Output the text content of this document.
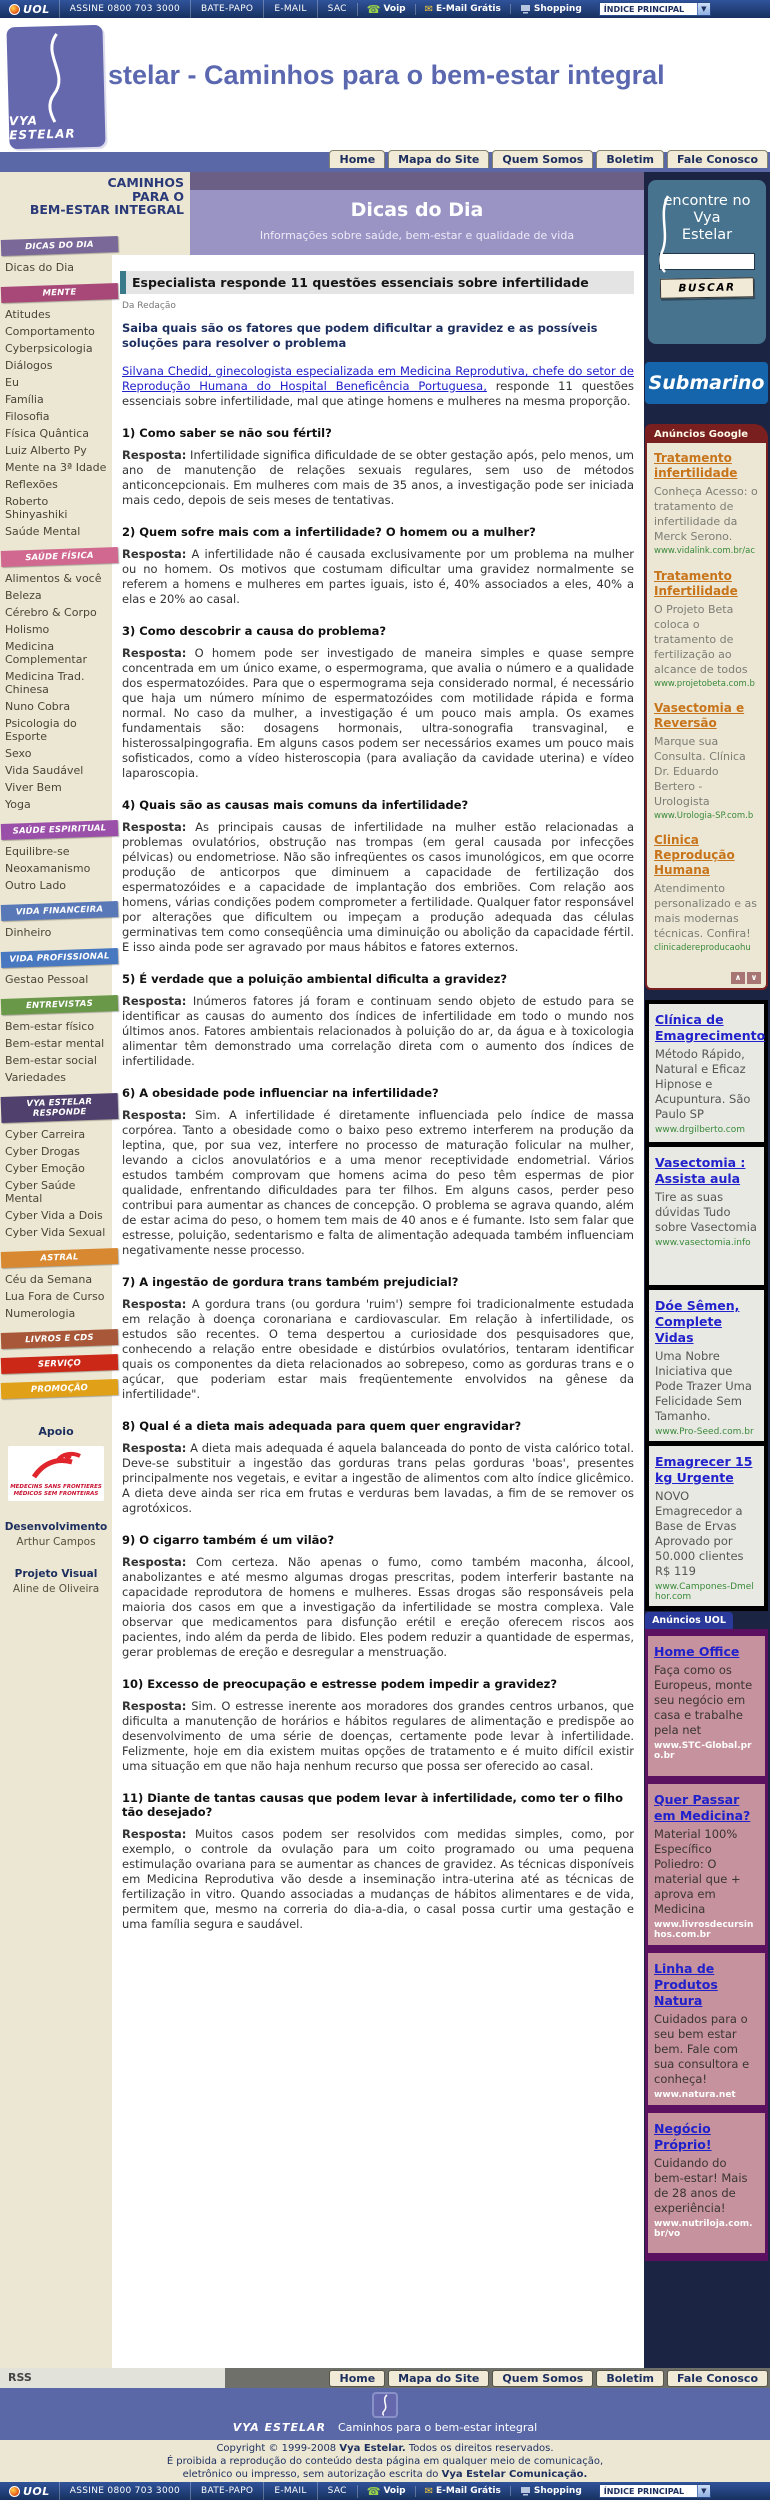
UOL	ASSINE 0800 703 3000	BATE-PAPO	E-MAIL	SAC	☎ Voip ✉ E-Mail Grátis	Shopping	ÍNDICE PRINCIPAL	▼
VYA ESTELAR
stelar - Caminhos para o bem-estar integral
Home	Mapa do Site	Quem Somos	Boletim	Fale Conosco
CAMINHOS
PARA O
BEM-ESTAR INTEGRAL	Dicas do Dia
Informações sobre saúde, bem-estar e qualidade de vida
DICAS DO DIA
Dicas do Dia
MENTE
Atitudes
Comportamento
Cyberpsicologia
Diálogos
Eu
Família
Filosofia
Física Quântica
Luiz Alberto Py
Mente na 3ª Idade
Reflexões
Roberto Shinyashiki
Saúde Mental
SAÚDE FÍSICA
Alimentos & você
Beleza
Cérebro & Corpo
Holismo
Medicina Complementar
Medicina Trad. Chinesa
Nuno Cobra
Psicologia do Esporte
Sexo
Vida Saudável
Viver Bem
Yoga
SAÚDE ESPIRITUAL
Equilibre-se
Neoxamanismo
Outro Lado
VIDA FINANCEIRA
Dinheiro
VIDA PROFISSIONAL
Gestao Pessoal
ENTREVISTAS
Bem-estar físico
Bem-estar mental
Bem-estar social
Variedades
VYA ESTELAR RESPONDE
Cyber Carreira
Cyber Drogas
Cyber Emoção
Cyber Saúde Mental
Cyber Vida a Dois
Cyber Vida Sexual
ASTRAL
Céu da Semana
Lua Fora de Curso
Numerologia
LIVROS E CDS
SERVIÇO
PROMOÇÃO
Apoio
MEDECINS SANS FRONTIERES
MÉDICOS SEM FRONTEIRAS
Desenvolvimento
Arthur Campos
Projeto Visual
Aline de Oliveira
Especialista responde 11 questões essenciais sobre infertilidade
Da Redação
Saiba quais são os fatores que podem dificultar a gravidez e as possíveis soluções para resolver o problema

Silvana Chedid, ginecologista especializada em Medicina Reprodutiva, chefe do setor de Reprodução Humana do Hospital Beneficência Portuguesa, responde 11 questões essenciais sobre infertilidade, mal que atinge homens e mulheres na mesma proporção.

1) Como saber se não sou fértil?

Resposta: Infertilidade significa dificuldade de se obter gestação após, pelo menos, um ano de manutenção de relações sexuais regulares, sem uso de métodos anticoncepcionais. Em mulheres com mais de 35 anos, a investigação pode ser iniciada mais cedo, depois de seis meses de tentativas.

2) Quem sofre mais com a infertilidade? O homem ou a mulher?

Resposta: A infertilidade não é causada exclusivamente por um problema na mulher ou no homem. Os motivos que costumam dificultar uma gravidez normalmente se referem a homens e mulheres em partes iguais, isto é, 40% associados a eles, 40% a elas e 20% ao casal.

3) Como descobrir a causa do problema?

Resposta: O homem pode ser investigado de maneira simples e quase sempre concentrada em um único exame, o espermograma, que avalia o número e a qualidade dos espermatozóides. Para que o espermograma seja considerado normal, é necessário que haja um número mínimo de espermatozóides com motilidade rápida e forma normal. No caso da mulher, a investigação é um pouco mais ampla. Os exames fundamentais são: dosagens hormonais, ultra-sonografia transvaginal, e histerossalpingografia. Em alguns casos podem ser necessários exames um pouco mais sofisticados, como a vídeo histeroscopia (para avaliação da cavidade uterina) e vídeo laparoscopia.

4) Quais são as causas mais comuns da infertilidade?

Resposta: As principais causas de infertilidade na mulher estão relacionadas a problemas ovulatórios, obstrução nas trompas (em geral causada por infecções pélvicas) ou endometriose. Não são infreqüentes os casos imunológicos, em que ocorre produção de anticorpos que diminuem a capacidade de fertilização dos espermatozóides e a capacidade de implantação dos embriões. Com relação aos homens, várias condições podem comprometer a fertilidade. Qualquer fator responsável por alterações que dificultem ou impeçam a produção adequada das células germinativas tem como conseqüência uma diminuição ou abolição da capacidade fértil. E isso ainda pode ser agravado por maus hábitos e fatores externos.

5) É verdade que a poluição ambiental dificulta a gravidez?

Resposta: Inúmeros fatores já foram e continuam sendo objeto de estudo para se identificar as causas do aumento dos índices de infertilidade em todo o mundo nos últimos anos. Fatores ambientais relacionados à poluição do ar, da água e à toxicologia alimentar têm demonstrado uma correlação direta com o aumento dos índices de infertilidade.

6) A obesidade pode influenciar na infertilidade?

Resposta: Sim. A infertilidade é diretamente influenciada pelo índice de massa corpórea. Tanto a obesidade como o baixo peso extremo interferem na produção da leptina, que, por sua vez, interfere no processo de maturação folicular na mulher, levando a ciclos anovulatórios e a uma menor receptividade endometrial. Vários estudos também comprovam que homens acima do peso têm espermas de pior qualidade, enfrentando dificuldades para ter filhos. Em alguns casos, perder peso contribui para aumentar as chances de concepção. O problema se agrava quando, além de estar acima do peso, o homem tem mais de 40 anos e é fumante. Isto sem falar que estresse, poluição, sedentarismo e falta de alimentação adequada também influenciam negativamente nesse processo.

7) A ingestão de gordura trans também prejudicial?

Resposta: A gordura trans (ou gordura 'ruim') sempre foi tradicionalmente estudada em relação à doença coronariana e cardiovascular. Em relação à infertilidade, os estudos são recentes. O tema despertou a curiosidade dos pesquisadores que, conhecendo a relação entre obesidade e distúrbios ovulatórios, tentaram identificar quais os componentes da dieta relacionados ao sobrepeso, como as gorduras trans e o açúcar, que poderiam estar mais freqüentemente envolvidos na gênese da infertilidade".

8) Qual é a dieta mais adequada para quem quer engravidar?

Resposta: A dieta mais adequada é aquela balanceada do ponto de vista calórico total. Deve-se substituir a ingestão das gorduras trans pelas gorduras 'boas', presentes principalmente nos vegetais, e evitar a ingestão de alimentos com alto índice glicêmico. A dieta deve ainda ser rica em frutas e verduras bem lavadas, a fim de se remover os agrotóxicos.

9) O cigarro também é um vilão?

Resposta: Com certeza. Não apenas o fumo, como também maconha, álcool, anabolizantes e até mesmo algumas drogas prescritas, podem interferir bastante na capacidade reprodutora de homens e mulheres. Essas drogas são responsáveis pela maioria dos casos em que a investigação da infertilidade se mostra complexa. Vale observar que medicamentos para disfunção erétil e ereção oferecem riscos aos pacientes, indo além da perda de libido. Eles podem reduzir a quantidade de espermas, gerar problemas de ereção e desregular a menstruação.

10) Excesso de preocupação e estresse podem impedir a gravidez?

Resposta: Sim. O estresse inerente aos moradores dos grandes centros urbanos, que dificulta a manutenção de horários e hábitos regulares de alimentação e predispõe ao desenvolvimento de uma série de doenças, certamente pode levar à infertilidade. Felizmente, hoje em dia existem muitas opções de tratamento e é muito difícil existir uma situação em que não haja nenhum recurso que possa ser oferecido ao casal.

11) Diante de tantas causas que podem levar à infertilidade, como ter o filho tão desejado?

Resposta: Muitos casos podem ser resolvidos com medidas simples, como, por exemplo, o controle da ovulação para um coito programado ou uma pequena estimulação ovariana para se aumentar as chances de gravidez. As técnicas disponíveis em Medicina Reprodutiva vão desde a inseminação intra-uterina até as técnicas de fertilização in vitro. Quando associadas a mudanças de hábitos alimentares e de vida, permitem que, mesmo na correria do dia-a-dia, o casal possa curtir uma gestação e uma família segura e saudável.

encontre no
Vya
Estelar
BUSCAR
Submarino
Anúncios Google
Tratamento infertilidade
Conheça Acesso: o tratamento de infertilidade da Merck Serono.
www.vidalink.com.br/ac
Tratamento Infertilidade
O Projeto Beta coloca o tratamento de fertilização ao alcance de todos
www.projetobeta.com.b
Vasectomia e Reversão
Marque sua Consulta. Clínica Dr. Eduardo Bertero - Urologista
www.Urologia-SP.com.b
Clinica Reprodução Humana
Atendimento personalizado e as mais modernas técnicas. Confira!
clinicadereproducaohu
∧	∨
Clínica de Emagrecimento
Método Rápido, Natural e Eficaz Hipnose e Acupuntura. São Paulo SP
www.drgilberto.com
Vasectomia : Assista aula
Tire as suas dúvidas Tudo sobre Vasectomia
www.vasectomia.info
Dóe Sêmen, Complete Vidas
Uma Nobre Iniciativa que Pode Trazer Uma Felicidade Sem Tamanho.
www.Pro-Seed.com.br
Emagrecer 15 kg Urgente
NOVO Emagrecedor a Base de Ervas Aprovado por 50.000 clientes R$ 119
www.Campones-Dmelhor.com
Anúncios UOL
Home Office
Faça como os Europeus, monte seu negócio em casa e trabalhe pela net
www.STC-Global.pro.br
Quer Passar em Medicina?
Material 100% Específico Poliedro: O material que + aprova em Medicina
www.livrosdecursinhos.com.br
Linha de Produtos Natura
Cuidados para o seu bem estar bem. Fale com sua consultora e conheça!
www.natura.net
Negócio Próprio!
Cuidando do bem-estar! Mais de 28 anos de experiência!
www.nutriloja.com.br/vo
RSS	Home	Mapa do Site	Quem Somos	Boletim	Fale Conosco
VYA ESTELAR Caminhos para o bem-estar integral
Copyright © 1999-2008 Vya Estelar. Todos os direitos reservados.
É proibida a reprodução do conteúdo desta página em qualquer meio de comunicação,
eletrônico ou impresso, sem autorização escrita do Vya Estelar Comunicação.
UOL	ASSINE 0800 703 3000	BATE-PAPO	E-MAIL	SAC	☎ Voip ✉ E-Mail Grátis	Shopping	ÍNDICE PRINCIPAL	▼
